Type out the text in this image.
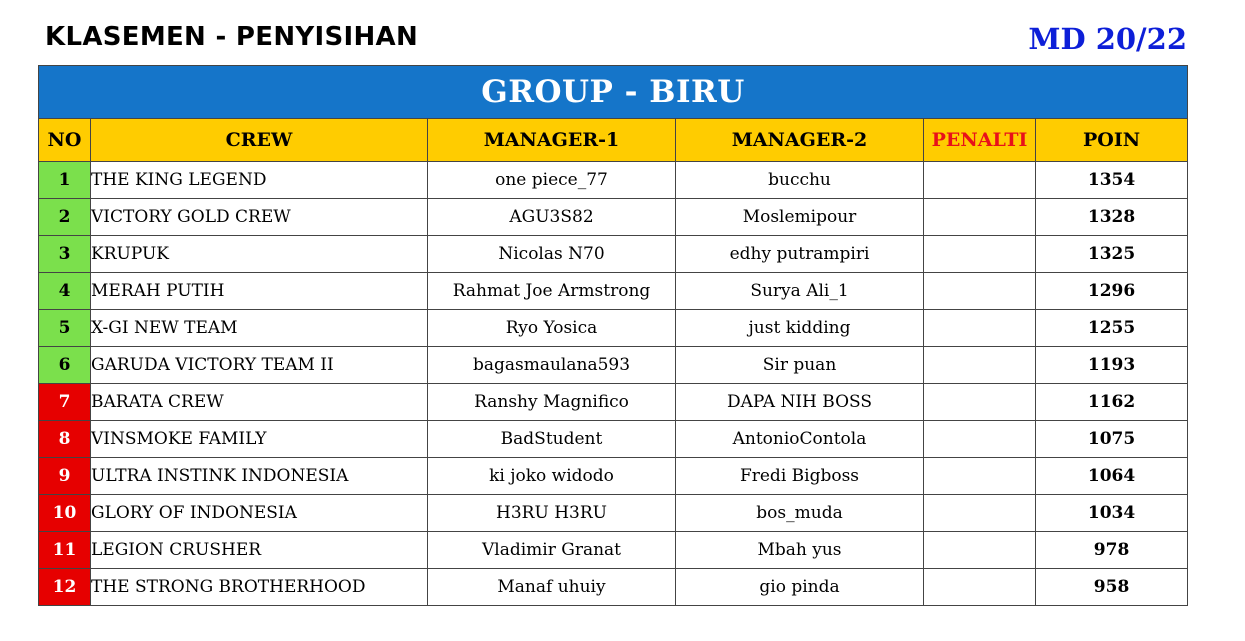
KLASEMEN - PENYISIHAN	MD 20/22
GROUP - BIRU					
NO	CREW	MANAGER-1	MANAGER-2	PENALTI	POIN
1	THE KING LEGEND	one piece_77	bucchu		1354
2	VICTORY GOLD CREW	AGU3S82	Moslemipour		1328
3	KRUPUK	Nicolas N70	edhy putrampiri		1325
4	MERAH PUTIH	Rahmat Joe Armstrong	Surya Ali_1		1296
5	X-GI NEW TEAM	Ryo Yosica	just kidding		1255
6	GARUDA VICTORY TEAM II	bagasmaulana593	Sir puan		1193
7	BARATA CREW	Ranshy Magnifico	DAPA NIH BOSS		1162
8	VINSMOKE FAMILY	BadStudent	AntonioContola		1075
9	ULTRA INSTINK INDONESIA	ki joko widodo	Fredi Bigboss		1064
10	GLORY OF INDONESIA	H3RU H3RU	bos_muda		1034
11	LEGION CRUSHER	Vladimir Granat	Mbah yus		978
12	THE STRONG BROTHERHOOD	Manaf uhuiy	gio pinda		958
